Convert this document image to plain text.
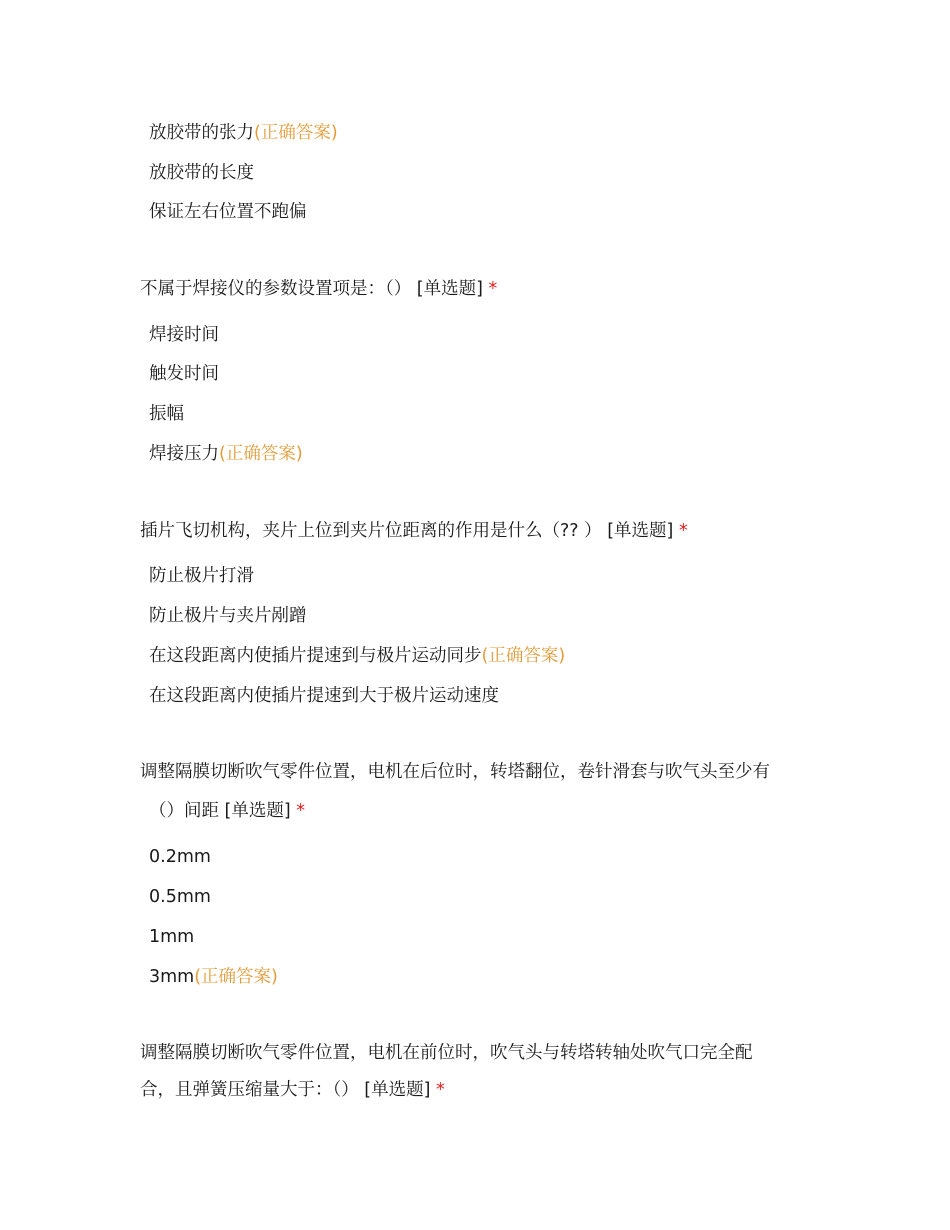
放胶带的张力(正确答案)
放胶带的长度
保证左右位置不跑偏
不属于焊接仪的参数设置项是：（） [单选题] *
焊接时间
触发时间
振幅
焊接压力(正确答案)
插片飞切机构，夹片上位到夹片位距离的作用是什么（?? ） [单选题] *
防止极片打滑
防止极片与夹片剐蹭
在这段距离内使插片提速到与极片运动同步(正确答案)
在这段距离内使插片提速到大于极片运动速度
调整隔膜切断吹气零件位置，电机在后位时，转塔翻位，卷针滑套与吹气头至少有
（）间距 [单选题] *
0.2mm
0.5mm
1mm
3mm(正确答案)
调整隔膜切断吹气零件位置，电机在前位时，吹气头与转塔转轴处吹气口完全配
合，且弹簧压缩量大于：（） [单选题] *
